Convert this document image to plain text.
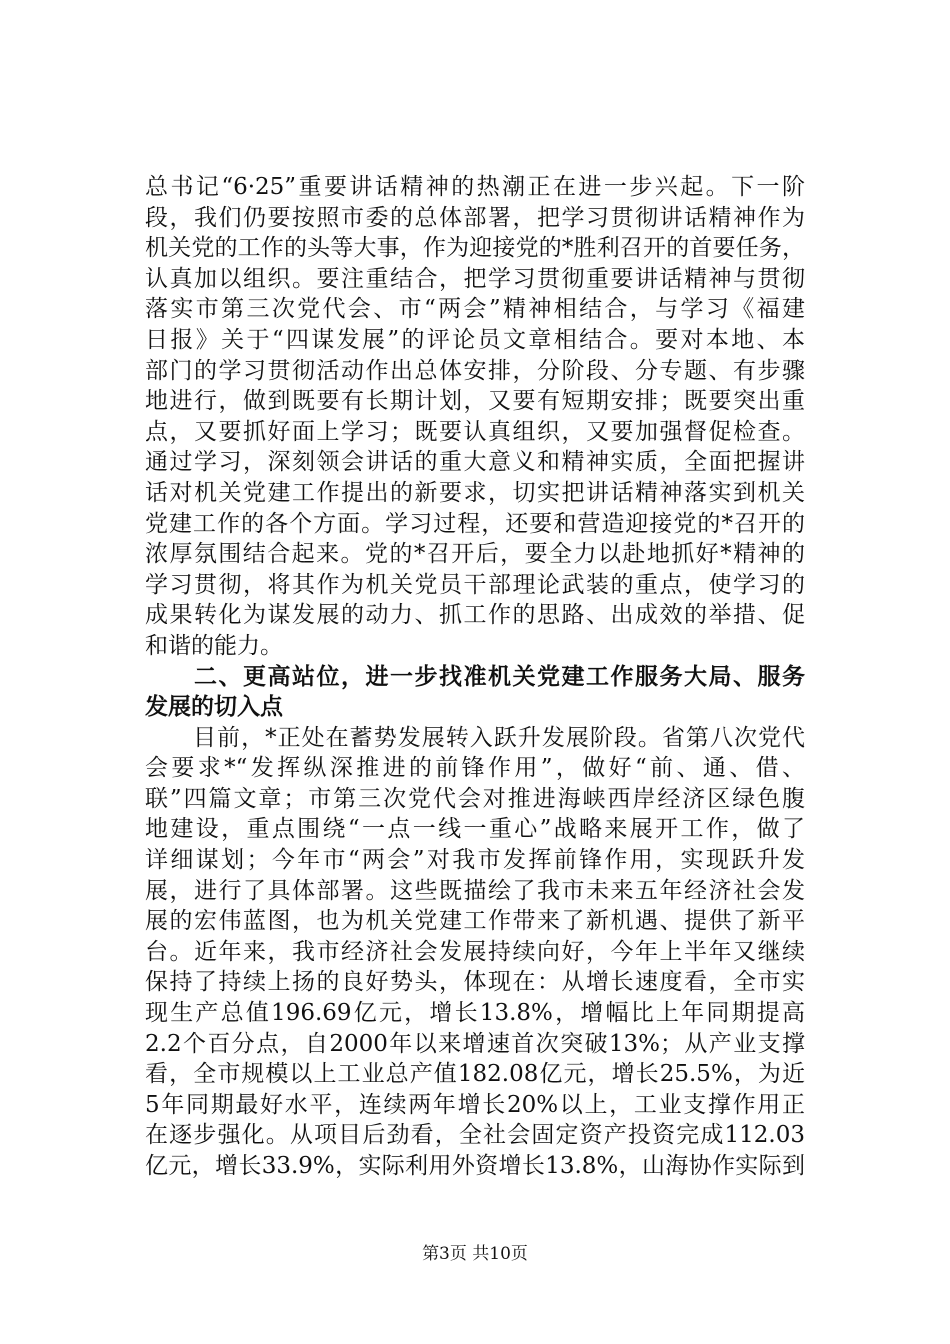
总书记“6·25”重要讲话精神的热潮正在进一步兴起。下一阶
段，我们仍要按照市委的总体部署，把学习贯彻讲话精神作为
机关党的工作的头等大事，作为迎接党的*胜利召开的首要任务，
认真加以组织。要注重结合，把学习贯彻重要讲话精神与贯彻
落实市第三次党代会、市“两会”精神相结合，与学习《福建
日报》关于“四谋发展”的评论员文章相结合。要对本地、本
部门的学习贯彻活动作出总体安排，分阶段、分专题、有步骤
地进行，做到既要有长期计划，又要有短期安排；既要突出重
点，又要抓好面上学习；既要认真组织，又要加强督促检查。
通过学习，深刻领会讲话的重大意义和精神实质，全面把握讲
话对机关党建工作提出的新要求，切实把讲话精神落实到机关
党建工作的各个方面。学习过程，还要和营造迎接党的*召开的
浓厚氛围结合起来。党的*召开后，要全力以赴地抓好*精神的
学习贯彻，将其作为机关党员干部理论武装的重点，使学习的
成果转化为谋发展的动力、抓工作的思路、出成效的举措、促
和谐的能力。
　　二、更高站位，进一步找准机关党建工作服务大局、服务
发展的切入点
　　目前，*正处在蓄势发展转入跃升发展阶段。省第八次党代
会要求*“发挥纵深推进的前锋作用”，做好“前、通、借、
联”四篇文章；市第三次党代会对推进海峡西岸经济区绿色腹
地建设，重点围绕“一点一线一重心”战略来展开工作，做了
详细谋划；今年市“两会”对我市发挥前锋作用，实现跃升发
展，进行了具体部署。这些既描绘了我市未来五年经济社会发
展的宏伟蓝图，也为机关党建工作带来了新机遇、提供了新平
台。近年来，我市经济社会发展持续向好，今年上半年又继续
保持了持续上扬的良好势头，体现在：从增长速度看，全市实
现生产总值196.69亿元，增长13.8%，增幅比上年同期提高
2.2个百分点，自2000年以来增速首次突破13%；从产业支撑
看，全市规模以上工业总产值182.08亿元，增长25.5%，为近
5年同期最好水平，连续两年增长20%以上，工业支撑作用正
在逐步强化。从项目后劲看，全社会固定资产投资完成112.03
亿元，增长33.9%，实际利用外资增长13.8%，山海协作实际到
第3页 共10页
